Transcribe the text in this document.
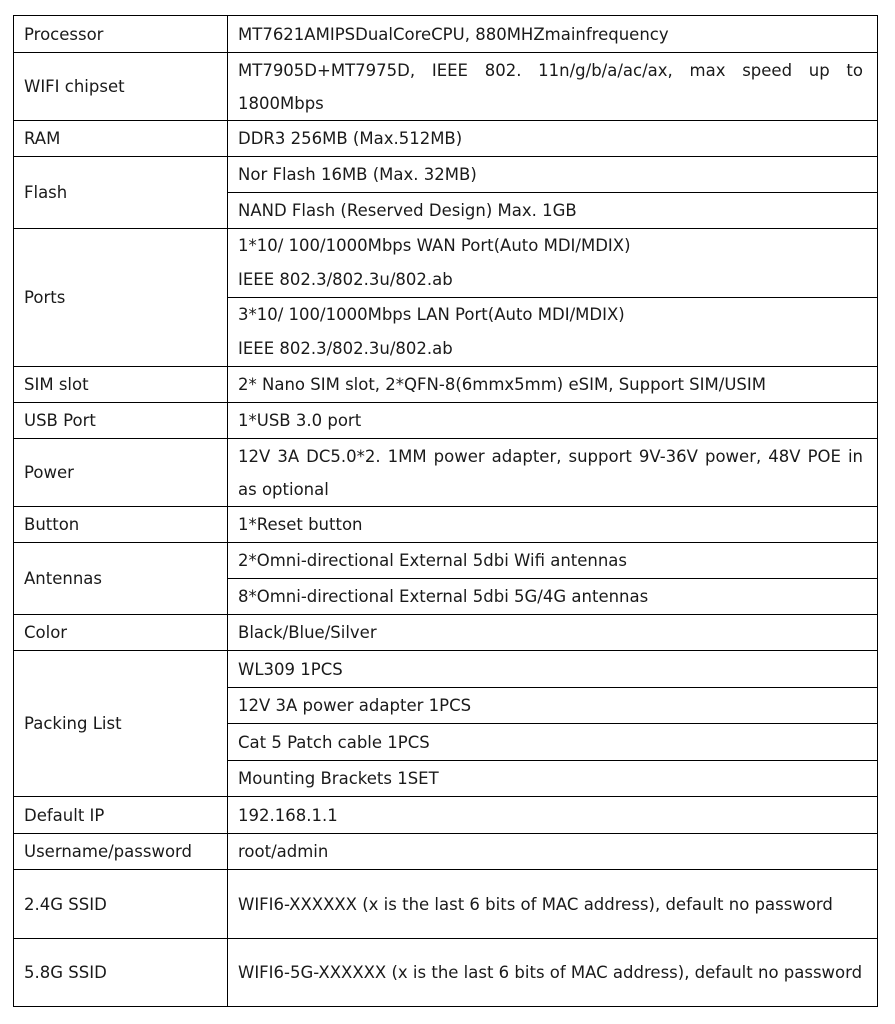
Processor	MT7621AMIPSDualCoreCPU, 880MHZmainfrequency
WIFI chipset	MT7905D+MT7975D, IEEE 802. 11n/g/b/a/ac/ax, max speed up to 1800Mbps
RAM	DDR3 256MB (Max.512MB)
Flash	Nor Flash 16MB (Max. 32MB)
	NAND Flash (Reserved Design) Max. 1GB
Ports	1*10/ 100/1000Mbps WAN Port(Auto MDI/MDIX)
IEEE 802.3/802.3u/802.ab

	3*10/ 100/1000Mbps LAN Port(Auto MDI/MDIX)
IEEE 802.3/802.3u/802.ab

SIM slot	2* Nano SIM slot, 2*QFN-8(6mmx5mm) eSIM, Support SIM/USIM
USB Port	1*USB 3.0 port
Power	12V 3A DC5.0*2. 1MM power adapter, support 9V-36V power, 48V POE in as optional
Button	1*Reset button
Antennas	2*Omni-directional External 5dbi Wifi antennas
	8*Omni-directional External 5dbi 5G/4G antennas
Color	Black/Blue/Silver
Packing List	WL309 1PCS
	12V 3A power adapter 1PCS
	Cat 5 Patch cable 1PCS
	Mounting Brackets 1SET
Default IP	192.168.1.1
Username/password	root/admin
2.4G SSID	WIFI6-XXXXXX (x is the last 6 bits of MAC address), default no password
5.8G SSID	WIFI6-5G-XXXXXX (x is the last 6 bits of MAC address), default no password
